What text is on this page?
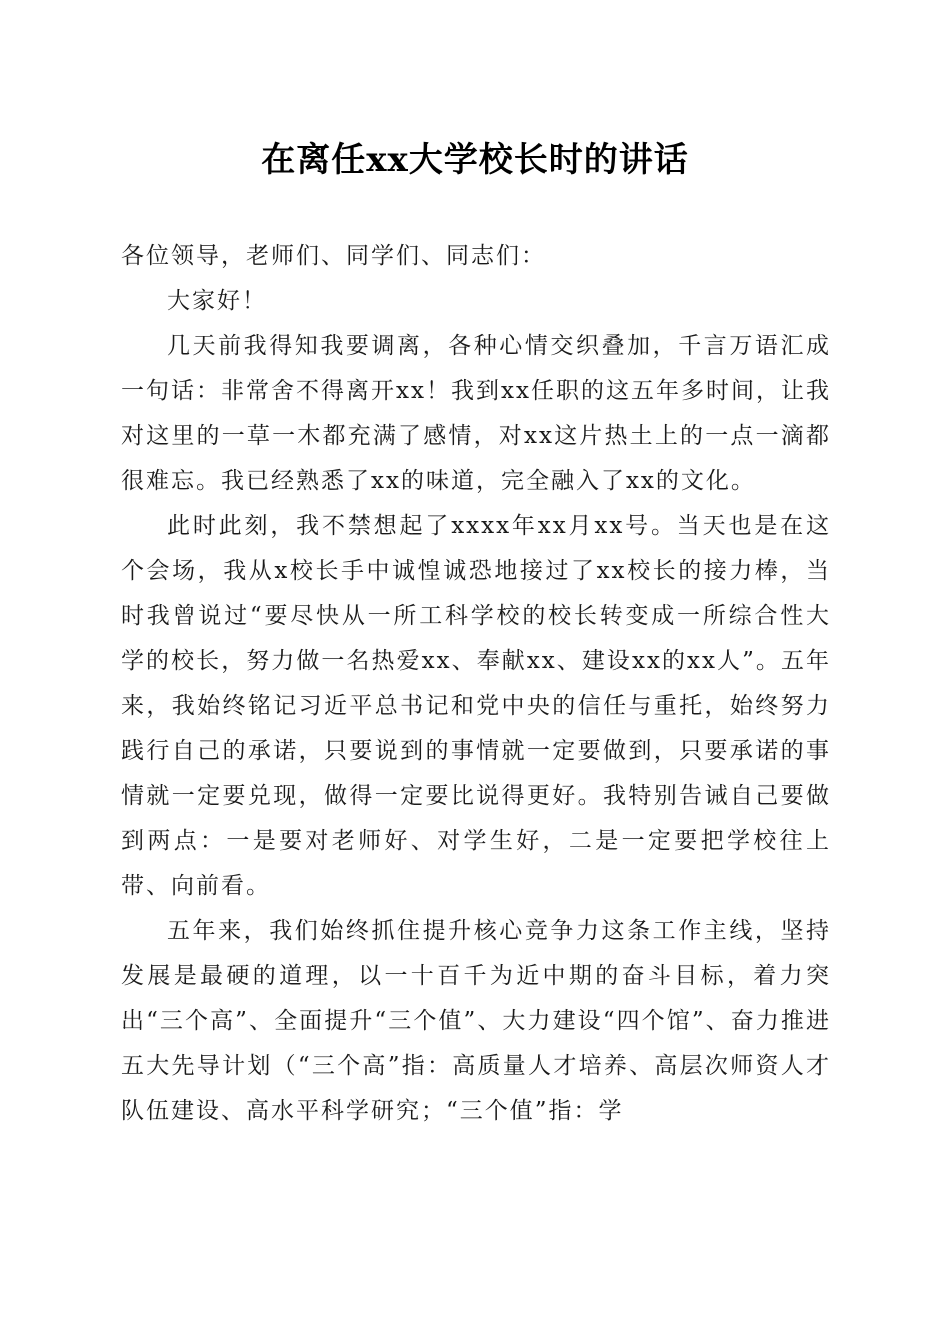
在离任xx大学校长时的讲话

各位领导，老师们、同学们、同志们：

大家好！

几天前我得知我要调离，各种心情交织叠加，千言万语汇成一句话：非常舍不得离开xx！我到xx任职的这五年多时间，让我对这里的一草一木都充满了感情，对xx这片热土上的一点一滴都很难忘。我已经熟悉了xx的味道，完全融入了xx的文化。

此时此刻，我不禁想起了xxxx年xx月xx号。当天也是在这个会场，我从x校长手中诚惶诚恐地接过了xx校长的接力棒，当时我曾说过“要尽快从一所工科学校的校长转变成一所综合性大学的校长，努力做一名热爱xx、奉献xx、建设xx的xx人”。五年来，我始终铭记习近平总书记和党中央的信任与重托，始终努力践行自己的承诺，只要说到的事情就一定要做到，只要承诺的事情就一定要兑现，做得一定要比说得更好。我特别告诫自己要做到两点：一是要对老师好、对学生好，二是一定要把学校往上带、向前看。

五年来，我们始终抓住提升核心竞争力这条工作主线，坚持发展是最硬的道理，以一十百千为近中期的奋斗目标，着力突出“三个高”、全面提升“三个值”、大力建设“四个馆”、奋力推进五大先导计划（“三个高”指：高质量人才培养、高层次师资人才队伍建设、高水平科学研究；“三个值”指：学
